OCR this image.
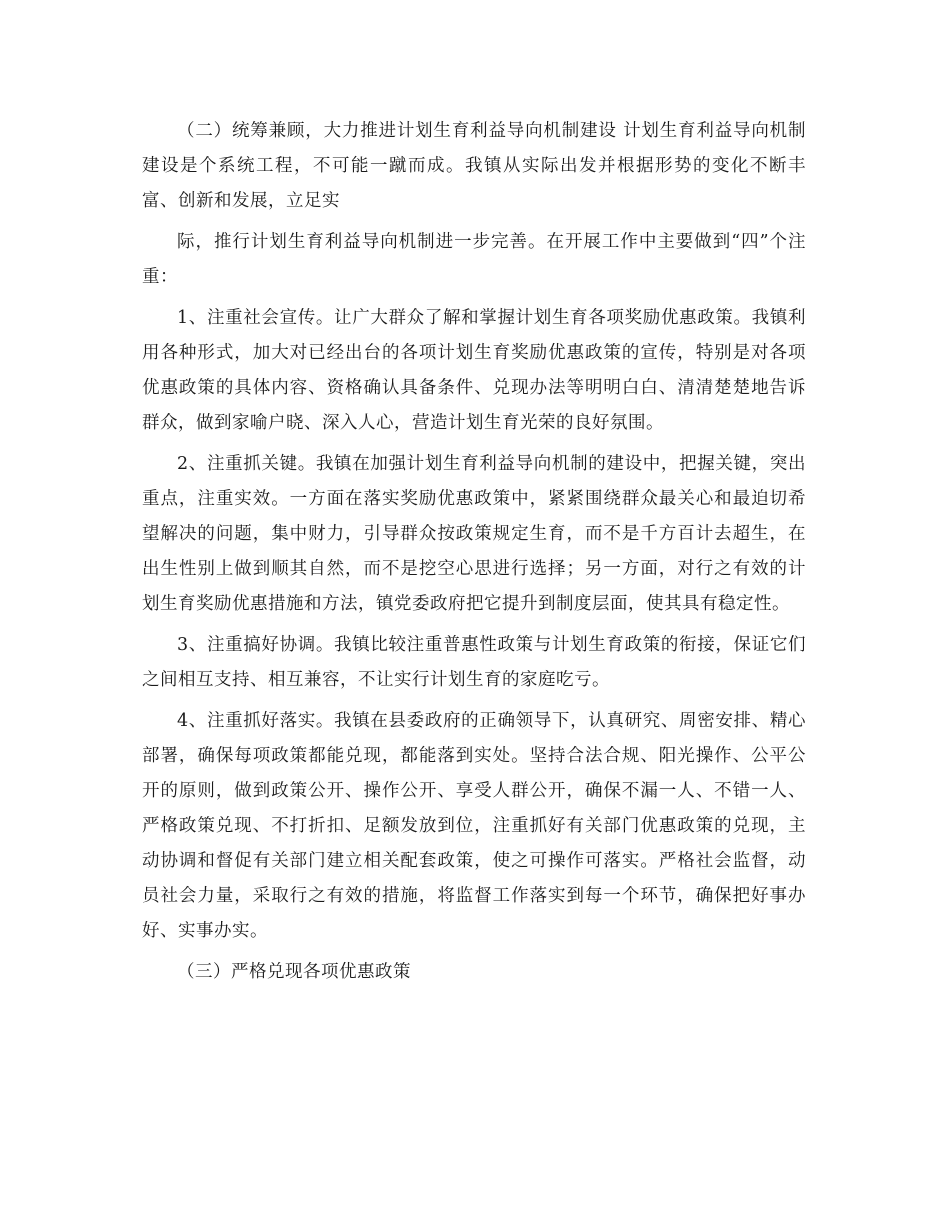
（二）统筹兼顾，大力推进计划生育利益导向机制建设 计划生育利益导向机制建设是个系统工程，不可能一蹴而成。我镇从实际出发并根据形势的变化不断丰富、创新和发展，立足实

际，推行计划生育利益导向机制进一步完善。在开展工作中主要做到“四”个注重：

1、注重社会宣传。让广大群众了解和掌握计划生育各项奖励优惠政策。我镇利用各种形式，加大对已经出台的各项计划生育奖励优惠政策的宣传，特别是对各项优惠政策的具体内容、资格确认具备条件、兑现办法等明明白白、清清楚楚地告诉群众，做到家喻户晓、深入人心，营造计划生育光荣的良好氛围。

2、注重抓关键。我镇在加强计划生育利益导向机制的建设中，把握关键，突出重点，注重实效。一方面在落实奖励优惠政策中，紧紧围绕群众最关心和最迫切希望解决的问题，集中财力，引导群众按政策规定生育，而不是千方百计去超生，在出生性别上做到顺其自然，而不是挖空心思进行选择；另一方面，对行之有效的计划生育奖励优惠措施和方法，镇党委政府把它提升到制度层面，使其具有稳定性。

3、注重搞好协调。我镇比较注重普惠性政策与计划生育政策的衔接，保证它们之间相互支持、相互兼容，不让实行计划生育的家庭吃亏。

4、注重抓好落实。我镇在县委政府的正确领导下，认真研究、周密安排、精心部署，确保每项政策都能兑现，都能落到实处。坚持合法合规、阳光操作、公平公开的原则，做到政策公开、操作公开、享受人群公开，确保不漏一人、不错一人、严格政策兑现、不打折扣、足额发放到位，注重抓好有关部门优惠政策的兑现，主动协调和督促有关部门建立相关配套政策，使之可操作可落实。严格社会监督，动员社会力量，采取行之有效的措施，将监督工作落实到每一个环节，确保把好事办好、实事办实。

（三）严格兑现各项优惠政策
